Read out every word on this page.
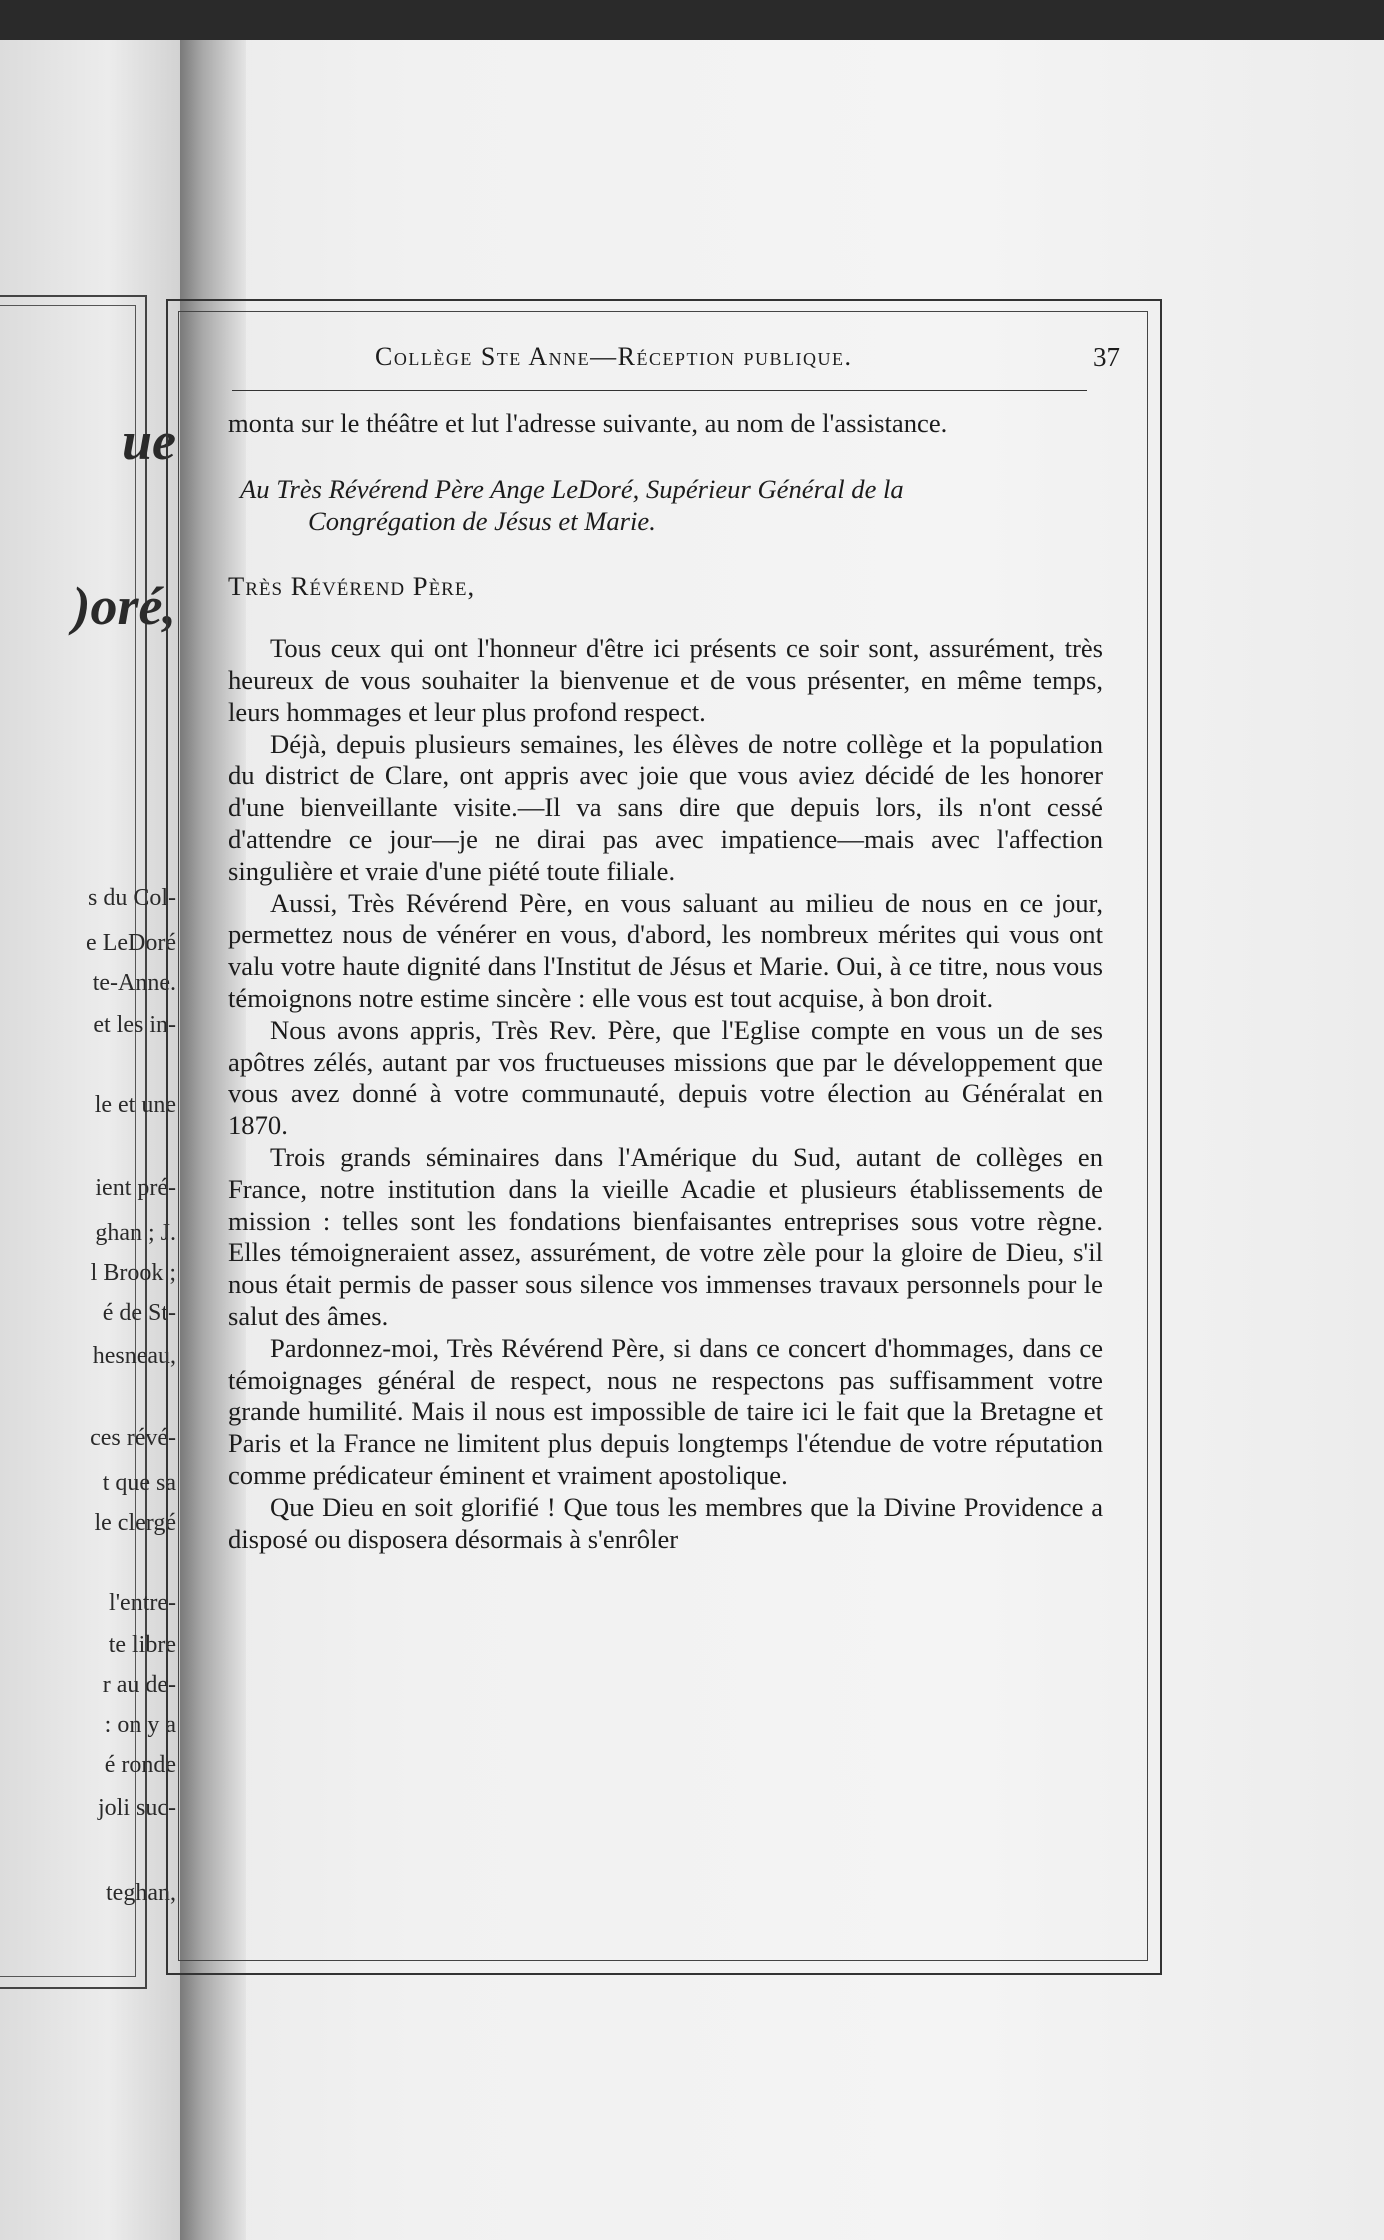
ue
)oré,
s du Col-
e LeDoré
te-Anne.
et les in-
le et une
ient pré-
ghan ; J.
l Brook ;
é de St-
hesneau,
ces révé-
t que sa
le clergé
l'entre-
te libre
r au de-
: on y a
é ronde
joli suc-
teghan,
Collège Ste Anne—Réception publique.	37

monta sur le théâtre et lut l'adresse suivante, au nom de l'assistance.

Au Très Révérend Père Ange LeDoré, Supérieur Général de la
Congrégation de Jésus et Marie.

Très Révérend Père,

Tous ceux qui ont l'honneur d'être ici présents ce soir sont, assurément, très heureux de vous souhaiter la bienvenue et de vous présenter, en même temps, leurs hommages et leur plus profond respect.

Déjà, depuis plusieurs semaines, les élèves de notre collège et la population du district de Clare, ont appris avec joie que vous aviez décidé de les honorer d'une bienveillante visite.—Il va sans dire que depuis lors, ils n'ont cessé d'attendre ce jour—je ne dirai pas avec impatience—mais avec l'affection singulière et vraie d'une piété toute filiale.

Aussi, Très Révérend Père, en vous saluant au milieu de nous en ce jour, permettez nous de vénérer en vous, d'abord, les nombreux mérites qui vous ont valu votre haute dignité dans l'Institut de Jésus et Marie. Oui, à ce titre, nous vous témoignons notre estime sincère : elle vous est tout acquise, à bon droit.

Nous avons appris, Très Rev. Père, que l'Eglise compte en vous un de ses apôtres zélés, autant par vos fructueuses missions que par le développement que vous avez donné à votre communauté, depuis votre élection au Généralat en 1870.

Trois grands séminaires dans l'Amérique du Sud, autant de collèges en France, notre institution dans la vieille Acadie et plusieurs établissements de mission : telles sont les fondations bienfaisantes entreprises sous votre règne. Elles témoigneraient assez, assurément, de votre zèle pour la gloire de Dieu, s'il nous était permis de passer sous silence vos immenses travaux personnels pour le salut des âmes.

Pardonnez-moi, Très Révérend Père, si dans ce concert d'hommages, dans ce témoignages général de respect, nous ne respectons pas suffisamment votre grande humilité. Mais il nous est impossible de taire ici le fait que la Bretagne et Paris et la France ne limitent plus depuis longtemps l'étendue de votre réputation comme prédicateur éminent et vraiment apostolique.

Que Dieu en soit glorifié ! Que tous les membres que la Divine Providence a disposé ou disposera désormais à s'enrôler
